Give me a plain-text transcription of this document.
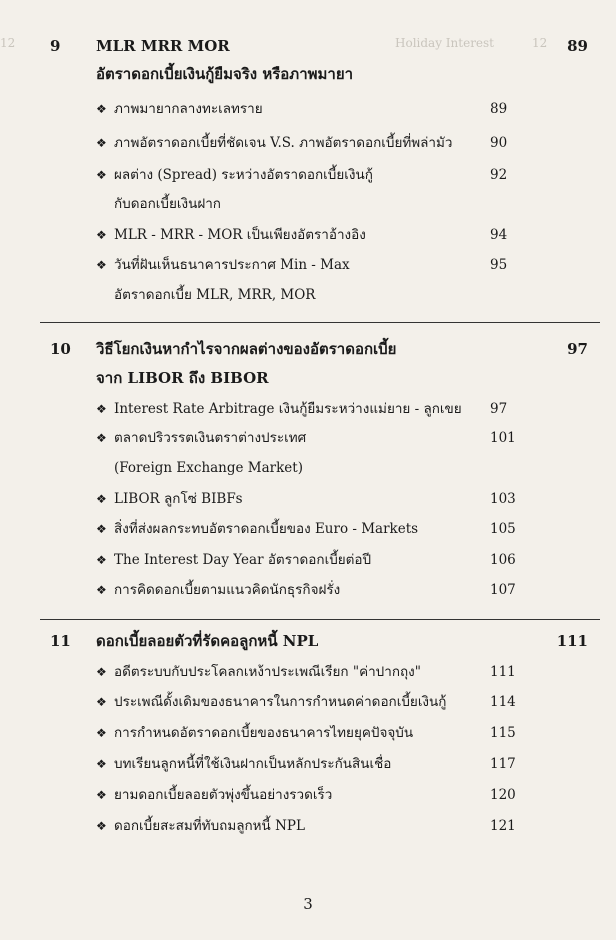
12	Holiday Interest	12
9 MLR MRR MOR
อัตราดอกเบี้ยเงินกู้ยืมจริง หรือภาพมายา
89
❖ ภาพมายากลางทะเลทราย	89
❖ ภาพอัตราดอกเบี้ยที่ชัดเจน V.S. ภาพอัตราดอกเบี้ยที่พล่ามัว	90
❖ ผลต่าง (Spread) ระหว่างอัตราดอกเบี้ยเงินกู้	92
กับดอกเบี้ยเงินฝาก
❖ MLR - MRR - MOR เป็นเพียงอัตราอ้างอิง	94
❖ วันที่ฝันเห็นธนาคารประกาศ Min - Max	95
อัตราดอกเบี้ย MLR, MRR, MOR
10 วิธีโยกเงินหากำไรจากผลต่างของอัตราดอกเบี้ย
จาก LIBOR ถึง BIBOR
97
❖ Interest Rate Arbitrage เงินกู้ยืมระหว่างแม่ยาย - ลูกเขย	97
❖ ตลาดปริวรรตเงินตราต่างประเทศ	101
(Foreign Exchange Market)
❖ LIBOR ลูกโซ่ BIBFs	103
❖ สิ่งที่ส่งผลกระทบอัตราดอกเบี้ยของ Euro - Markets	105
❖ The Interest Day Year อัตราดอกเบี้ยต่อปี	106
❖ การคิดดอกเบี้ยตามแนวคิดนักธุรกิจฝรั่ง	107
11 ดอกเบี้ยลอยตัวที่รัดคอลูกหนี้ NPL	111
❖ อดีตระบบกับประโคลกเหง้าประเพณีเรียก "ค่าปากถุง"	111
❖ ประเพณีดั้งเดิมของธนาคารในการกำหนดค่าดอกเบี้ยเงินกู้	114
❖ การกำหนดอัตราดอกเบี้ยของธนาคารไทยยุคปัจจุบัน	115
❖ บทเรียนลูกหนี้ที่ใช้เงินฝากเป็นหลักประกันสินเชื่อ	117
❖ ยามดอกเบี้ยลอยตัวพุ่งขึ้นอย่างรวดเร็ว	120
❖ ดอกเบี้ยสะสมที่ทับถมลูกหนี้ NPL	121
3
